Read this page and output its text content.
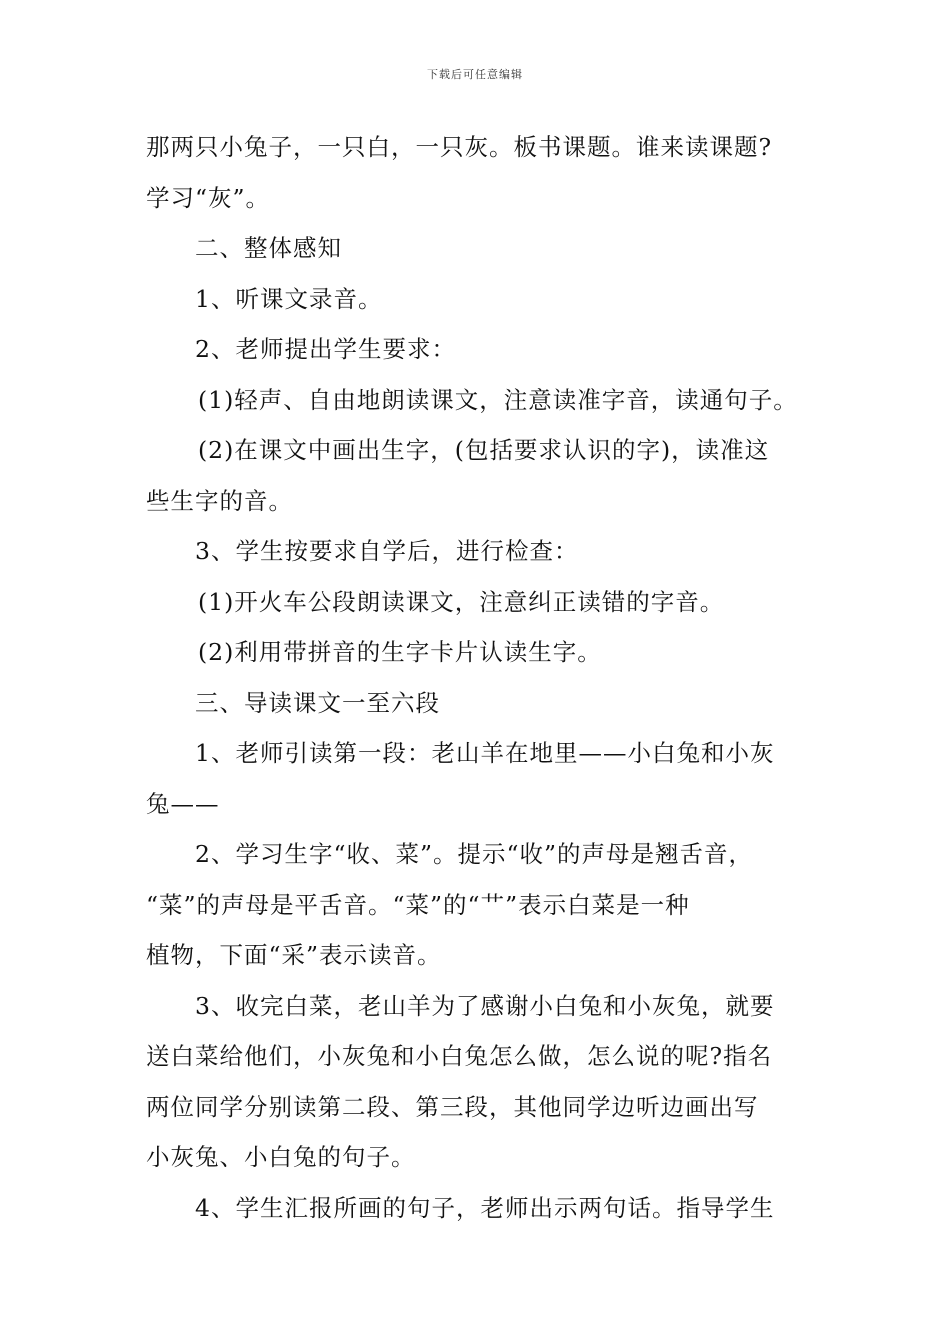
下载后可任意编辑
那两只小兔子，一只白，一只灰。板书课题。谁来读课题?
学习“灰”。
二、整体感知
1、听课文录音。
2、老师提出学生要求：
(1)轻声、自由地朗读课文，注意读准字音，读通句子。
(2)在课文中画出生字，(包括要求认识的字)，读准这
些生字的音。
3、学生按要求自学后，进行检查：
(1)开火车公段朗读课文，注意纠正读错的字音。
(2)利用带拼音的生字卡片认读生字。
三、导读课文一至六段
1、老师引读第一段：老山羊在地里——小白兔和小灰
兔——
2、学习生字“收、菜”。提示“收”的声母是翘舌音，
“菜”的声母是平舌音。“菜”的“艹”表示白菜是一种
植物，下面“采”表示读音。
3、收完白菜，老山羊为了感谢小白兔和小灰兔，就要
送白菜给他们，小灰兔和小白兔怎么做，怎么说的呢?指名
两位同学分别读第二段、第三段，其他同学边听边画出写
小灰兔、小白兔的句子。
4、学生汇报所画的句子，老师出示两句话。指导学生
